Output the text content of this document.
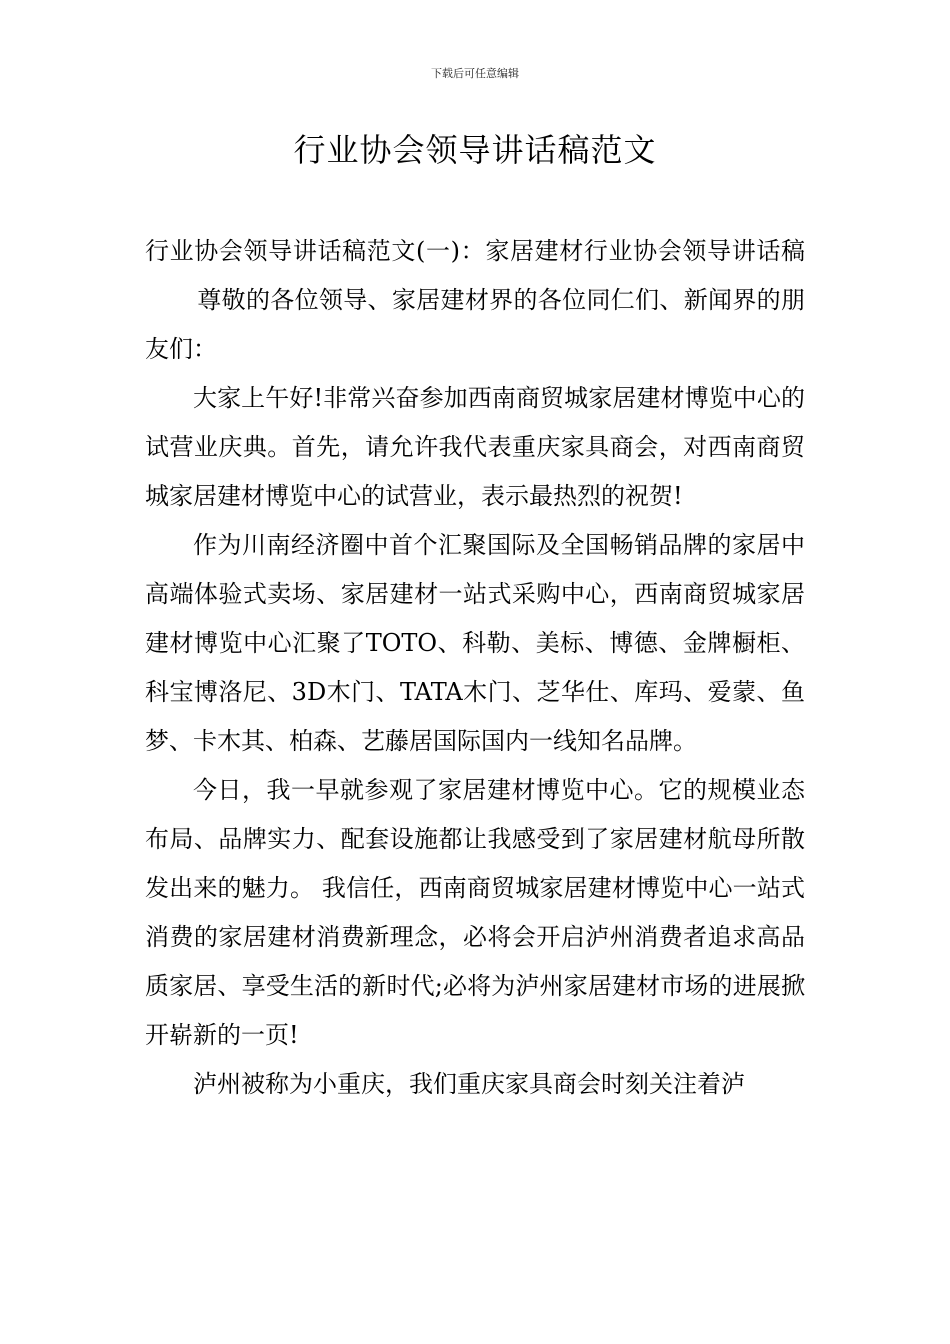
下载后可任意编辑
行业协会领导讲话稿范文

行业协会领导讲话稿范文(一)：家居建材行业协会领导讲话稿尊敬的各位领导、家居建材界的各位同仁们、新闻界的朋友们：

大家上午好!非常兴奋参加西南商贸城家居建材博览中心的试营业庆典。首先，请允许我代表重庆家具商会，对西南商贸城家居建材博览中心的试营业，表示最热烈的祝贺!

作为川南经济圈中首个汇聚国际及全国畅销品牌的家居中高端体验式卖场、家居建材一站式采购中心，西南商贸城家居建材博览中心汇聚了TOTO、科勒、美标、博德、金牌橱柜、科宝博洛尼、3D木门、TATA木门、芝华仕、库玛、爱蒙、鱼梦、卡木其、柏森、艺藤居国际国内一线知名品牌。

今日，我一早就参观了家居建材博览中心。它的规模业态布局、品牌实力、配套设施都让我感受到了家居建材航母所散发出来的魅力。 我信任，西南商贸城家居建材博览中心一站式消费的家居建材消费新理念，必将会开启泸州消费者追求高品质家居、享受生活的新时代;必将为泸州家居建材市场的进展掀开崭新的一页!

泸州被称为小重庆，我们重庆家具商会时刻关注着泸
